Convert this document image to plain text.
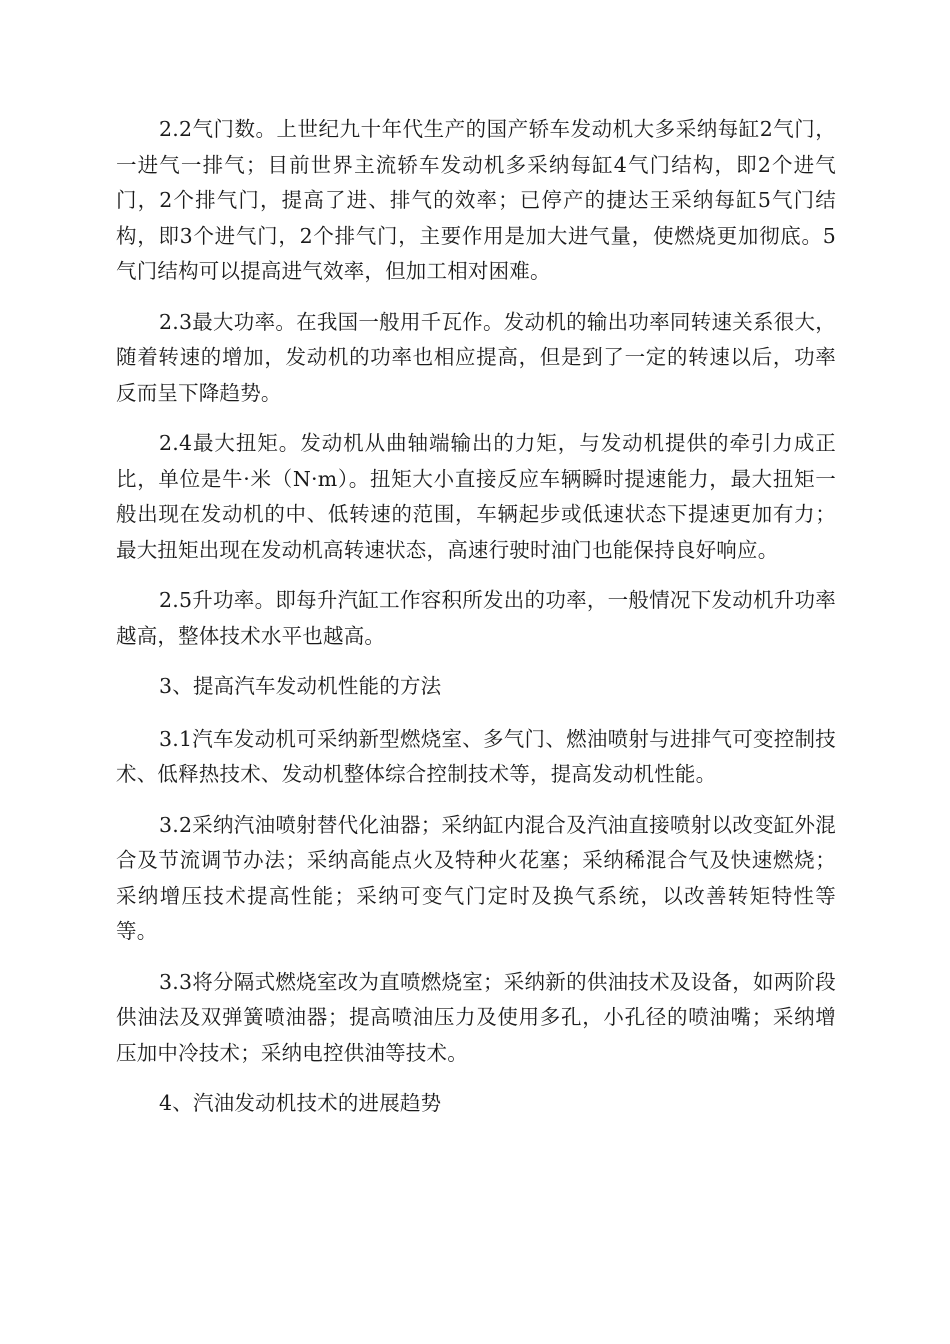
2.2气门数。上世纪九十年代生产的国产轿车发动机大多采纳每缸2气门，一进气一排气；目前世界主流轿车发动机多采纳每缸4气门结构，即2个进气门，2个排气门，提高了进、排气的效率；已停产的捷达王采纳每缸5气门结构，即3个进气门，2个排气门，主要作用是加大进气量，使燃烧更加彻底。5气门结构可以提高进气效率，但加工相对困难。

2.3最大功率。在我国一般用千瓦作。发动机的输出功率同转速关系很大，随着转速的增加，发动机的功率也相应提高，但是到了一定的转速以后，功率反而呈下降趋势。

2.4最大扭矩。发动机从曲轴端输出的力矩，与发动机提供的牵引力成正比，单位是牛·米（N·m）。扭矩大小直接反应车辆瞬时提速能力，最大扭矩一般出现在发动机的中、低转速的范围，车辆起步或低速状态下提速更加有力；最大扭矩出现在发动机高转速状态，高速行驶时油门也能保持良好响应。

2.5升功率。即每升汽缸工作容积所发出的功率，一般情况下发动机升功率越高，整体技术水平也越高。

3、提高汽车发动机性能的方法

3.1汽车发动机可采纳新型燃烧室、多气门、燃油喷射与进排气可变控制技术、低释热技术、发动机整体综合控制技术等，提高发动机性能。

3.2采纳汽油喷射替代化油器；采纳缸内混合及汽油直接喷射以改变缸外混合及节流调节办法；采纳高能点火及特种火花塞；采纳稀混合气及快速燃烧；采纳增压技术提高性能；采纳可变气门定时及换气系统，以改善转矩特性等等。

3.3将分隔式燃烧室改为直喷燃烧室；采纳新的供油技术及设备，如两阶段供油法及双弹簧喷油器；提高喷油压力及使用多孔，小孔径的喷油嘴；采纳增压加中冷技术；采纳电控供油等技术。

4、汽油发动机技术的进展趋势
